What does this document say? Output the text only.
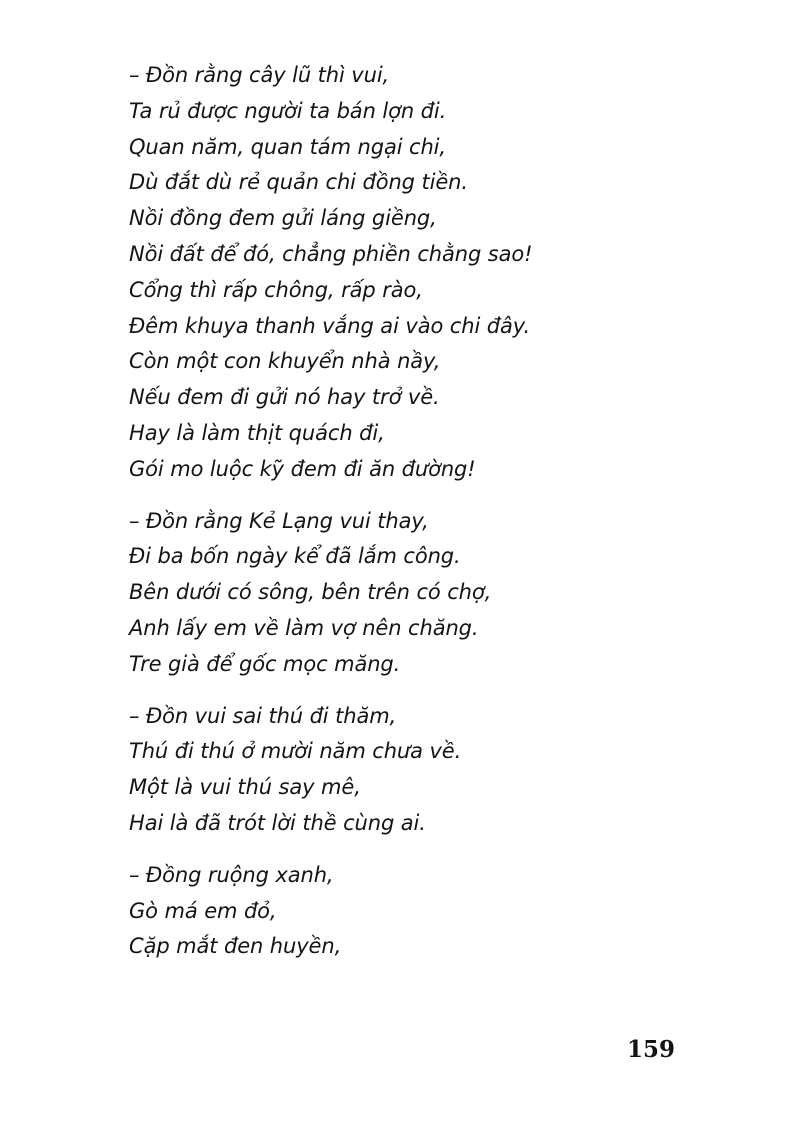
– Đồn rằng cây lũ thì vui,
Ta rủ được người ta bán lợn đi.
Quan năm, quan tám ngại chi,
Dù đắt dù rẻ quản chi đồng tiền.
Nồi đồng đem gửi láng giềng,
Nồi đất để đó, chẳng phiền chằng sao!
Cổng thì rấp chông, rấp rào,
Đêm khuya thanh vắng ai vào chi đây.
Còn một con khuyển nhà nầy,
Nếu đem đi gửi nó hay trở về.
Hay là làm thịt quách đi,
Gói mo luộc kỹ đem đi ăn đường!
– Đồn rằng Kẻ Lạng vui thay,
Đi ba bốn ngày kể đã lắm công.
Bên dưới có sông, bên trên có chợ,
Anh lấy em về làm vợ nên chăng.
Tre già để gốc mọc măng.
– Đồn vui sai thú đi thăm,
Thú đi thú ở mười năm chưa về.
Một là vui thú say mê,
Hai là đã trót lời thề cùng ai.
– Đồng ruộng xanh,
Gò má em đỏ,
Cặp mắt đen huyền,
159
